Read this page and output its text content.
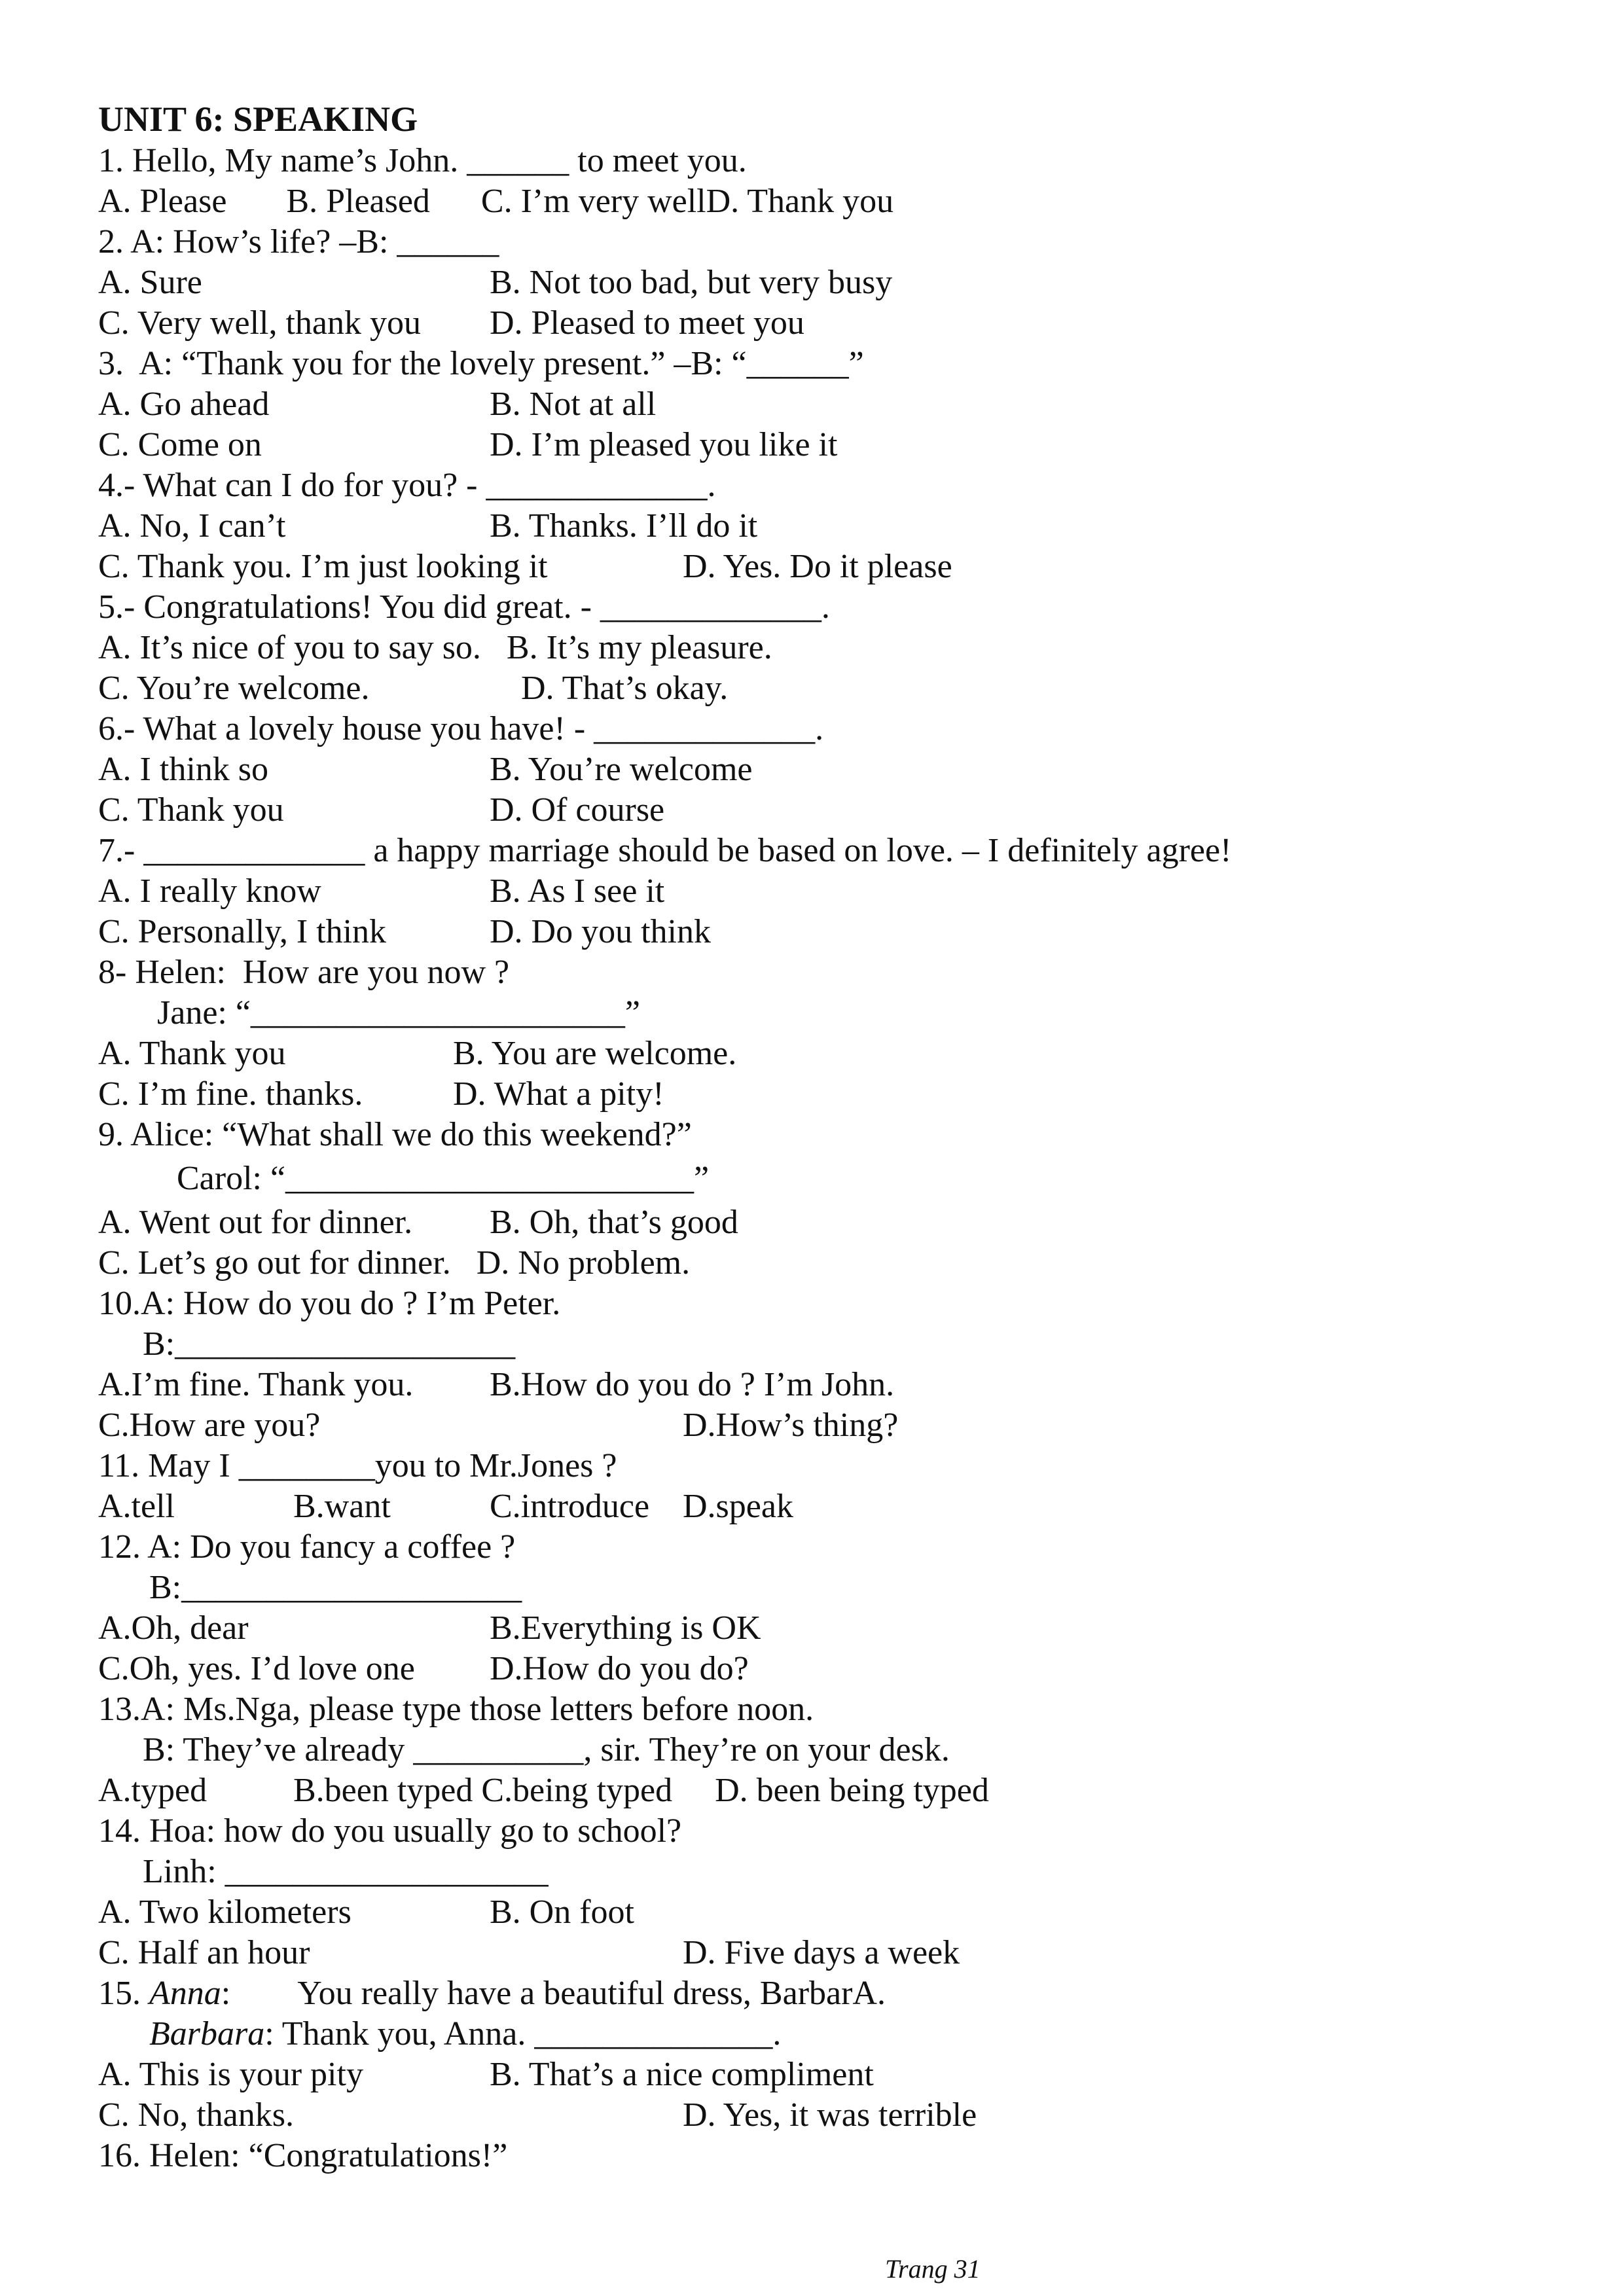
UNIT 6: SPEAKING
1. Hello, My name’s John. ______ to meet you.
A. Please       B. Pleased      C. I’m very wellD. Thank you
2. A: How’s life? –B: ______
A. Sure	B. Not too bad, but very busy
C. Very well, thank you D. Pleased to meet you
3.  A: “Thank you for the lovely present.” –B: “______”
A. Go ahead	B. Not at all
C. Come on	D. I’m pleased you like it
4.- What can I do for you? - _____________.
A. No, I can’t	B. Thanks. I’ll do it
C. Thank you. I’m just looking it	D. Yes. Do it please
5.- Congratulations! You did great. - _____________.
A. It’s nice of you to say so.   B. It’s my pleasure.
C. You’re welcome.	D. That’s okay.
6.- What a lovely house you have! - _____________.
A. I think so	B. You’re welcome
C. Thank you	D. Of course
7.- _____________ a happy marriage should be based on love. – I definitely agree!
A. I really know	B. As I see it
C. Personally, I think	D. Do you think
8- Helen:  How are you now ?
Jane: “______________________”
A. Thank you	B. You are welcome.
C. I’m fine. thanks.	D. What a pity!
9. Alice: “What shall we do this weekend?”
Carol: “________________________”
A. Went out for dinner. B. Oh, that’s good
C. Let’s go out for dinner.   D. No problem.
10.A: How do you do ? I’m Peter.
B:____________________
A.I’m fine. Thank you. B.How do you do ? I’m John.
C.How are you?	D.How’s thing?
11. May I ________you to Mr.Jones ?
A.tell	B.want	C.introduce D.speak
12. A: Do you fancy a coffee ?
B:____________________
A.Oh, dear	B.Everything is OK
C.Oh, yes. I’d love one D.How do you do?
13.A: Ms.Nga, please type those letters before noon.
B: They’ve already __________, sir. They’re on your desk.
A.typed	B.been typed C.being typed     D. been being typed
14. Hoa: how do you usually go to school?
Linh: ___________________
A. Two kilometers	B. On foot
C. Half an hour	D. Five days a week
15. Anna:        You really have a beautiful dress, BarbarA.
Barbara: Thank you, Anna. ______________.
A. This is your pity	B. That’s a nice compliment
C. No, thanks.	D. Yes, it was terrible
16. Helen: “Congratulations!”
Trang 31
